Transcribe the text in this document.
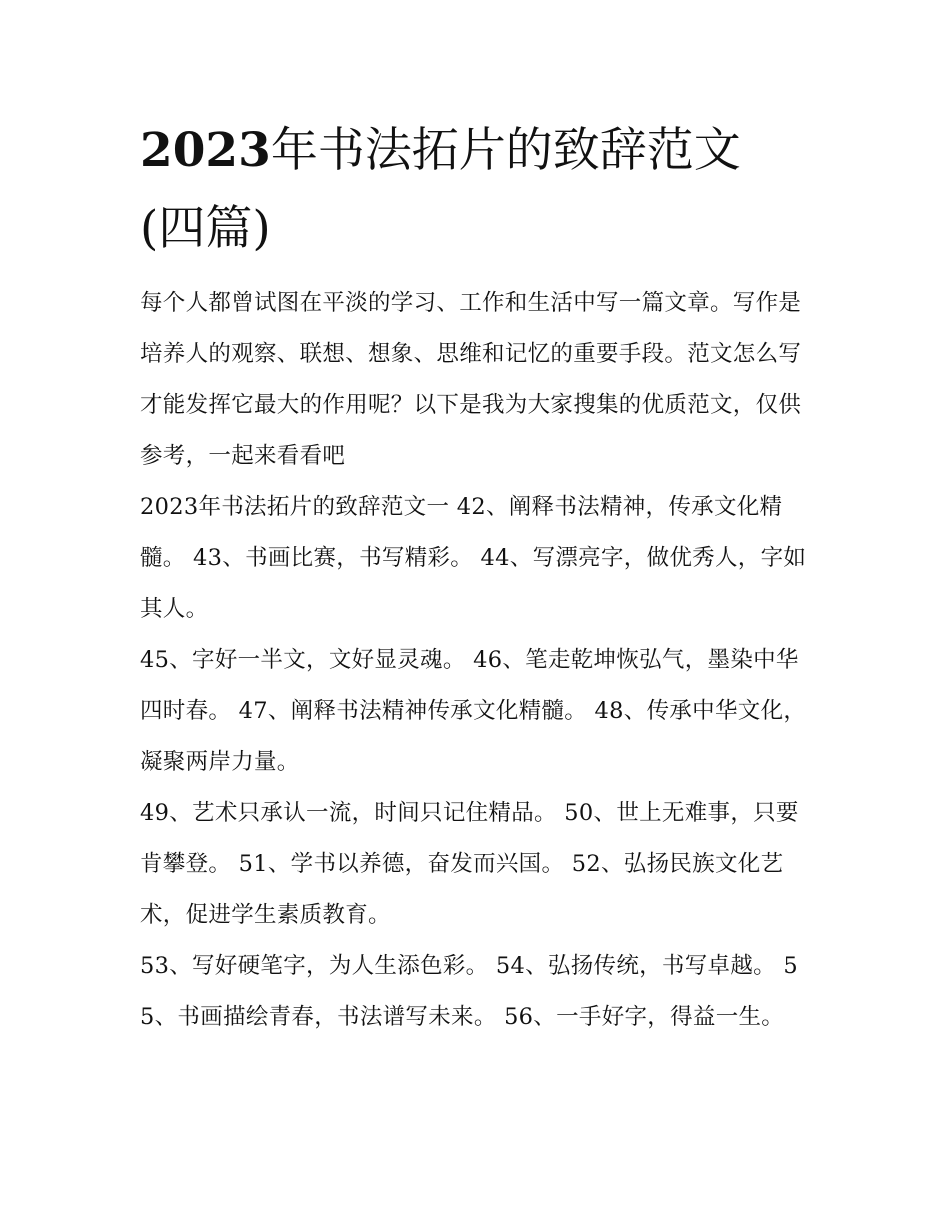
2023年书法拓片的致辞范文
(四篇)

每个人都曾试图在平淡的学习、工作和生活中写一篇文章。写作是培养人的观察、联想、想象、思维和记忆的重要手段。范文怎么写才能发挥它最大的作用呢？以下是我为大家搜集的优质范文，仅供参考，一起来看看吧

2023年书法拓片的致辞范文一 42、阐释书法精神，传承文化精髓。 43、书画比赛，书写精彩。 44、写漂亮字，做优秀人，字如其人。

45、字好一半文，文好显灵魂。 46、笔走乾坤恢弘气，墨染中华四时春。 47、阐释书法精神传承文化精髓。 48、传承中华文化，凝聚两岸力量。

49、艺术只承认一流，时间只记住精品。 50、世上无难事，只要肯攀登。 51、学书以养德，奋发而兴国。 52、弘扬民族文化艺术，促进学生素质教育。

53、写好硬笔字，为人生添色彩。 54、弘扬传统，书写卓越。 55、书画描绘青春，书法谱写未来。 56、一手好字，得益一生。
